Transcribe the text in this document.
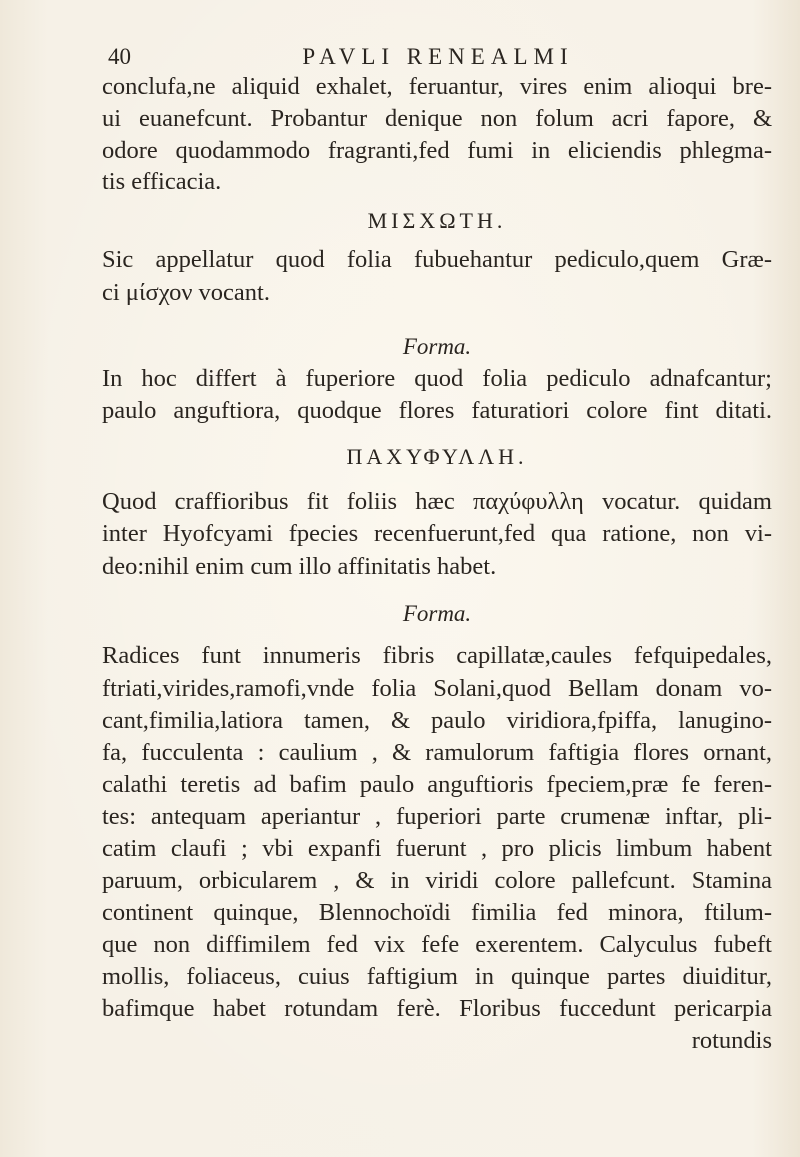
40	PAVLI RENEALMI
conclufa,ne aliquid exhalet, feruantur, vires enim alioqui bre-
ui euanefcunt. Probantur denique non folum acri fapore, &
odore quodammodo fragranti,fed fumi in eliciendis phlegma-
tis efficacia.
ΜΙΣΧΩΤΗ.
Sic appellatur quod folia fubuehantur pediculo,quem Græ-
ci μίσχον vocant.
Forma.
In hoc differt à fuperiore quod folia pediculo adnafcantur;
paulo anguftiora, quodque flores faturatiori colore fint ditati.
ΠΑΧΥΦΥΛΛΗ.
Quod craffioribus fit foliis hæc παχύφυλλη vocatur. quidam
inter Hyofcyami fpecies recenfuerunt,fed qua ratione, non vi-
deo:nihil enim cum illo affinitatis habet.
Forma.
Radices funt innumeris fibris capillatæ,caules fefquipedales,
ftriati,virides,ramofi,vnde folia Solani,quod Bellam donam vo-
cant,fimilia,latiora tamen, & paulo viridiora,fpiffa, lanugino-
fa, fucculenta : caulium , & ramulorum faftigia flores ornant,
calathi teretis ad bafim paulo anguftioris fpeciem,præ fe feren-
tes: antequam aperiantur , fuperiori parte crumenæ inftar, pli-
catim claufi ; vbi expanfi fuerunt , pro plicis limbum habent
paruum, orbicularem , & in viridi colore pallefcunt. Stamina
continent quinque, Blennochoïdi fimilia fed minora, ftilum-
que non diffimilem fed vix fefe exerentem. Calyculus fubeft
mollis, foliaceus, cuius faftigium in quinque partes diuiditur,
bafimque habet rotundam ferè. Floribus fuccedunt pericarpia
rotundis
